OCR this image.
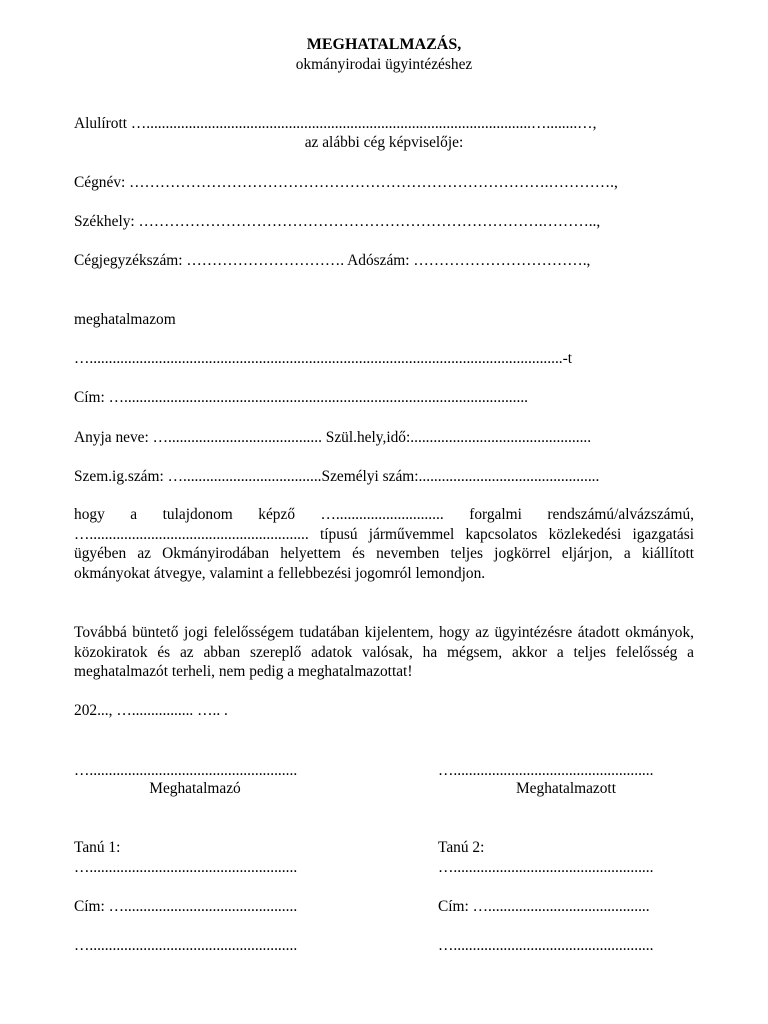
MEGHATALMAZÁS,
okmányirodai ügyintézéshez
Alulírott …....................................................................................................…........…,
az alábbi cég képviselője:
Cégnév: ……………………………………………………………………….………….,
Székhely: …………………………………………………………………….………..,
Cégjegyzékszám: …………………………. Adószám: …………………………….,
meghatalmazom
…...........................................................................................................................-t
Cím: ….........................................................................................................
Anyja neve: …........................................ Szül.hely,idő:...............................................
Szem.ig.szám: …....................................Személyi szám:...............................................

hogy a tulajdonom képző …............................ forgalmi rendszámú/alvázszámú, …......................................................... típusú járművemmel kapcsolatos közlekedési igazgatási ügyében az Okmányirodában helyettem és nevemben teljes jogkörrel eljárjon, a kiállított okmányokat átvegye, valamint a fellebbezési jogomról lemondjon.

Továbbá büntető jogi felelősségem tudatában kijelentem, hogy az ügyintézésre átadott okmányok, közokiratok és az abban szereplő adatok valósak, ha mégsem, akkor a teljes felelősség a meghatalmazót terheli, nem pedig a meghatalmazottat!

202..., …................ ….. .
…......................................................	…....................................................
Meghatalmazó	Meghatalmazott
Tanú 1:	Tanú 2:
…......................................................	…....................................................
Cím: ….............................................	Cím: …..........................................
…......................................................	…....................................................
